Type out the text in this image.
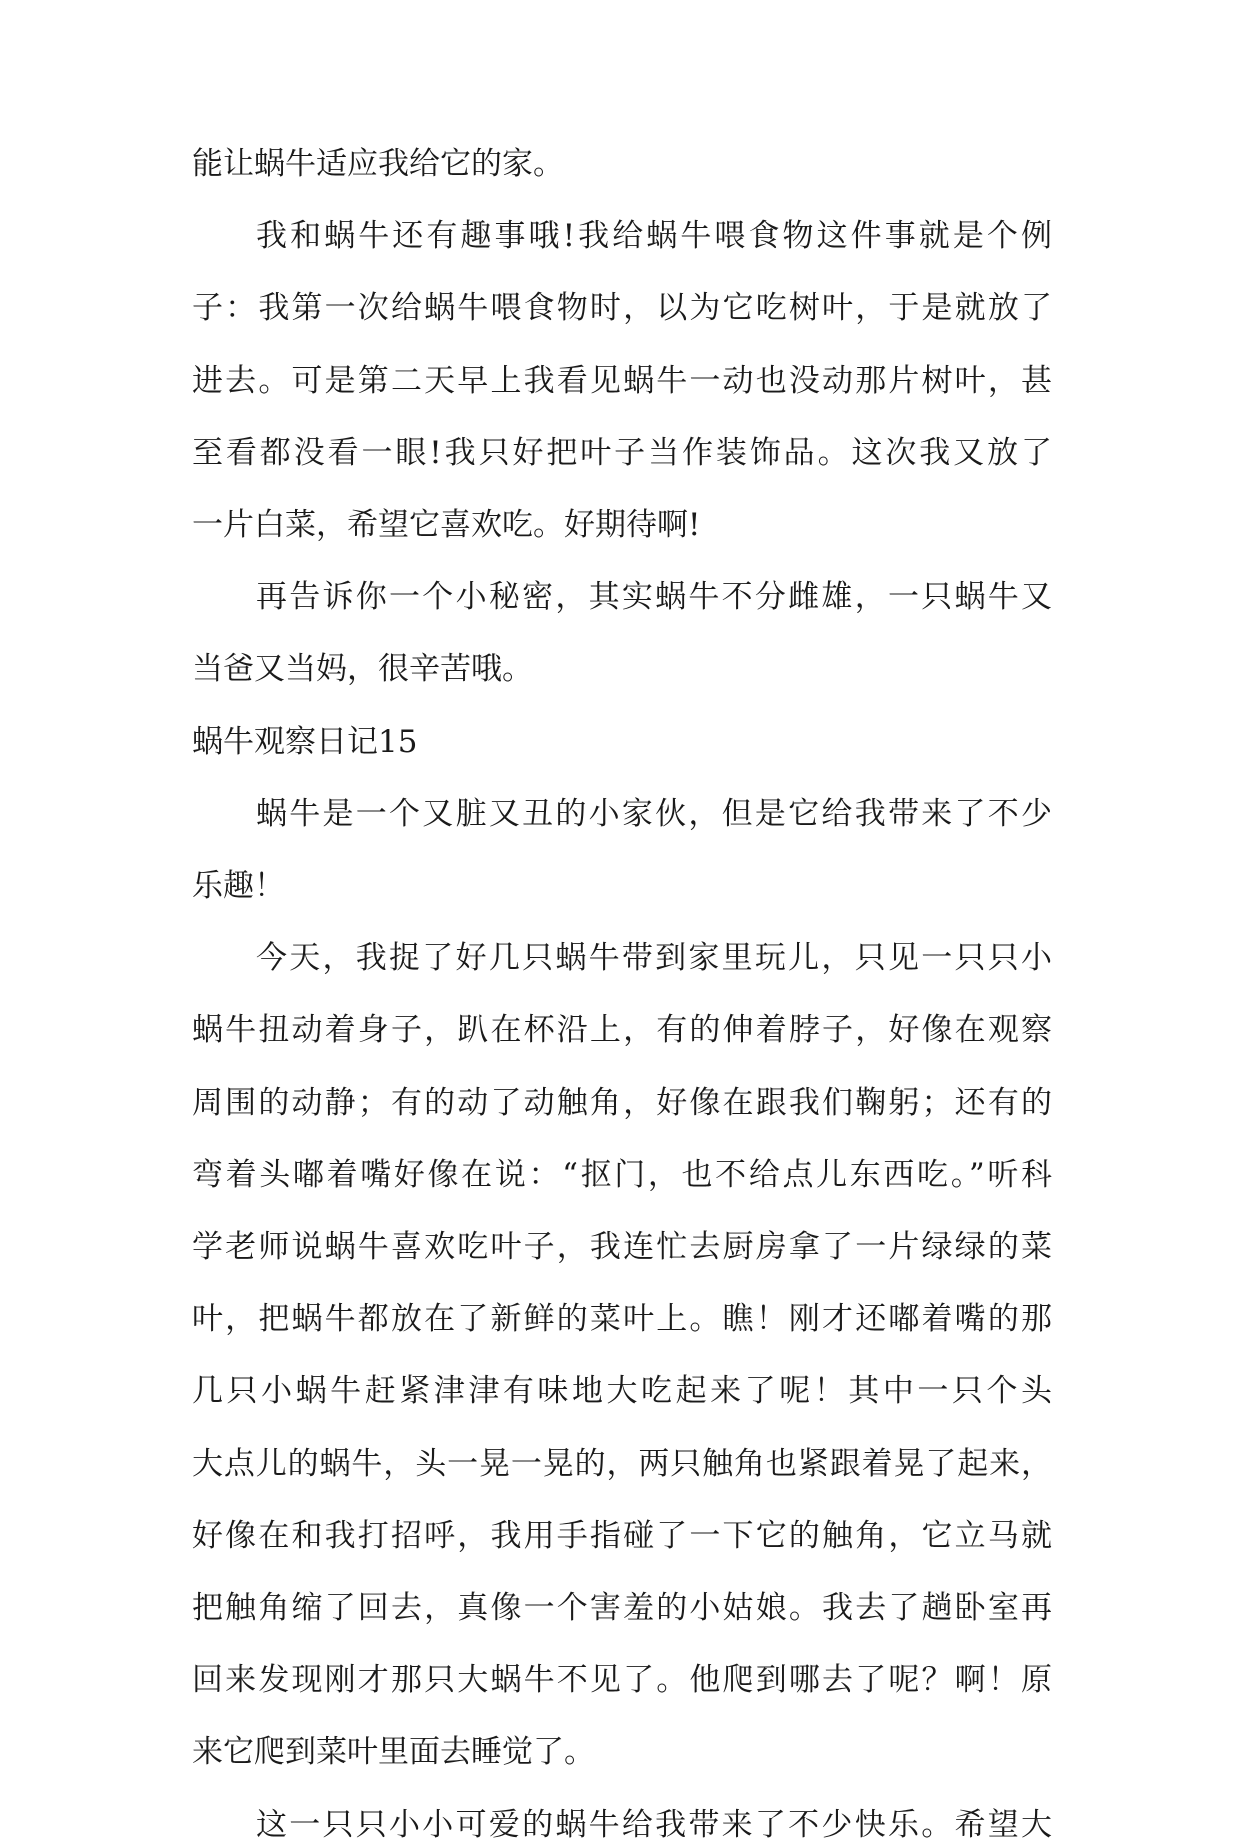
能让蜗牛适应我给它的家。
我和蜗牛还有趣事哦!我给蜗牛喂食物这件事就是个例
子：我第一次给蜗牛喂食物时，以为它吃树叶，于是就放了
进去。可是第二天早上我看见蜗牛一动也没动那片树叶，甚
至看都没看一眼!我只好把叶子当作装饰品。这次我又放了
一片白菜，希望它喜欢吃。好期待啊!
再告诉你一个小秘密，其实蜗牛不分雌雄，一只蜗牛又
当爸又当妈，很辛苦哦。
蜗牛观察日记15
蜗牛是一个又脏又丑的小家伙，但是它给我带来了不少
乐趣！
今天，我捉了好几只蜗牛带到家里玩儿，只见一只只小
蜗牛扭动着身子，趴在杯沿上，有的伸着脖子，好像在观察
周围的动静；有的动了动触角，好像在跟我们鞠躬；还有的
弯着头嘟着嘴好像在说：“抠门，也不给点儿东西吃。”听科
学老师说蜗牛喜欢吃叶子，我连忙去厨房拿了一片绿绿的菜
叶，把蜗牛都放在了新鲜的菜叶上。瞧！刚才还嘟着嘴的那
几只小蜗牛赶紧津津有味地大吃起来了呢！其中一只个头
大点儿的蜗牛，头一晃一晃的，两只触角也紧跟着晃了起来，
好像在和我打招呼，我用手指碰了一下它的触角，它立马就
把触角缩了回去，真像一个害羞的小姑娘。我去了趟卧室再
回来发现刚才那只大蜗牛不见了。他爬到哪去了呢？啊！原
来它爬到菜叶里面去睡觉了。
这一只只小小可爱的蜗牛给我带来了不少快乐。希望大
